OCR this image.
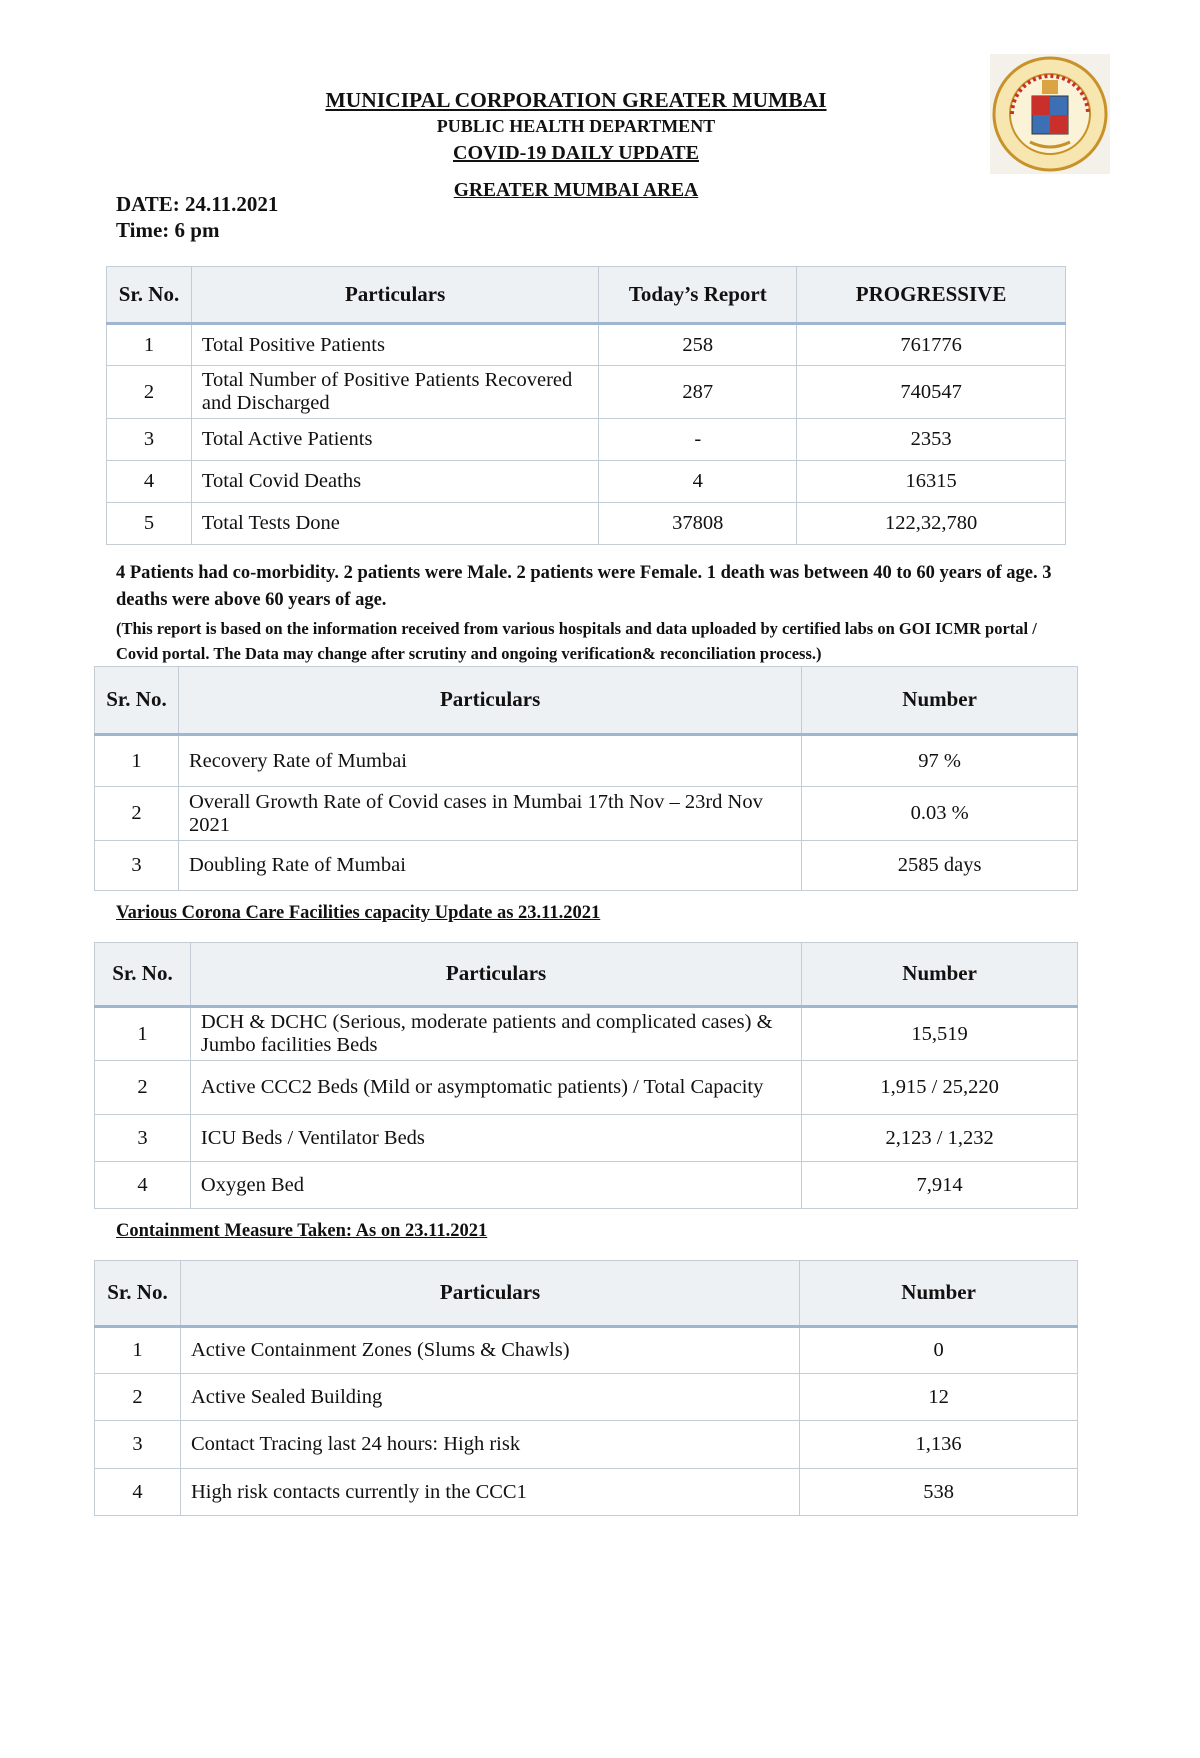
MUNICIPAL CORPORATION GREATER MUMBAI
PUBLIC HEALTH DEPARTMENT
COVID-19 DAILY UPDATE
GREATER MUMBAI AREA
DATE: 24.11.2021
Time: 6 pm
Sr. No.	Particulars	Today’s Report	PROGRESSIVE
1	Total Positive Patients	258	761776
2	Total Number of Positive Patients Recovered and Discharged	287	740547
3	Total Active Patients	-	2353
4	Total Covid Deaths	4	16315
5	Total Tests Done	37808	122,32,780
4 Patients had co-morbidity. 2 patients were Male. 2 patients were Female. 1 death was between 40 to 60 years of age. 3 deaths were above 60 years of age.
(This report is based on the information received from various hospitals and data uploaded by certified labs on GOI ICMR portal / Covid portal. The Data may change after scrutiny and ongoing verification& reconciliation process.)
Sr. No.	Particulars	Number
1	Recovery Rate of Mumbai	97 %
2	Overall Growth Rate of Covid cases in Mumbai 17th Nov – 23rd Nov 2021	0.03 %
3	Doubling Rate of Mumbai	2585 days
Various Corona Care Facilities capacity Update as 23.11.2021
Sr. No.	Particulars	Number
1	DCH & DCHC (Serious, moderate patients and complicated cases) & Jumbo facilities Beds	15,519
2	Active CCC2 Beds (Mild or asymptomatic patients) / Total Capacity	1,915 / 25,220
3	ICU Beds / Ventilator Beds	2,123 / 1,232
4	Oxygen Bed	7,914
Containment Measure Taken: As on 23.11.2021
Sr. No.	Particulars	Number
1	Active Containment Zones (Slums & Chawls)	0
2	Active Sealed Building	12
3	Contact Tracing last 24 hours: High risk	1,136
4	High risk contacts currently in the CCC1	538
